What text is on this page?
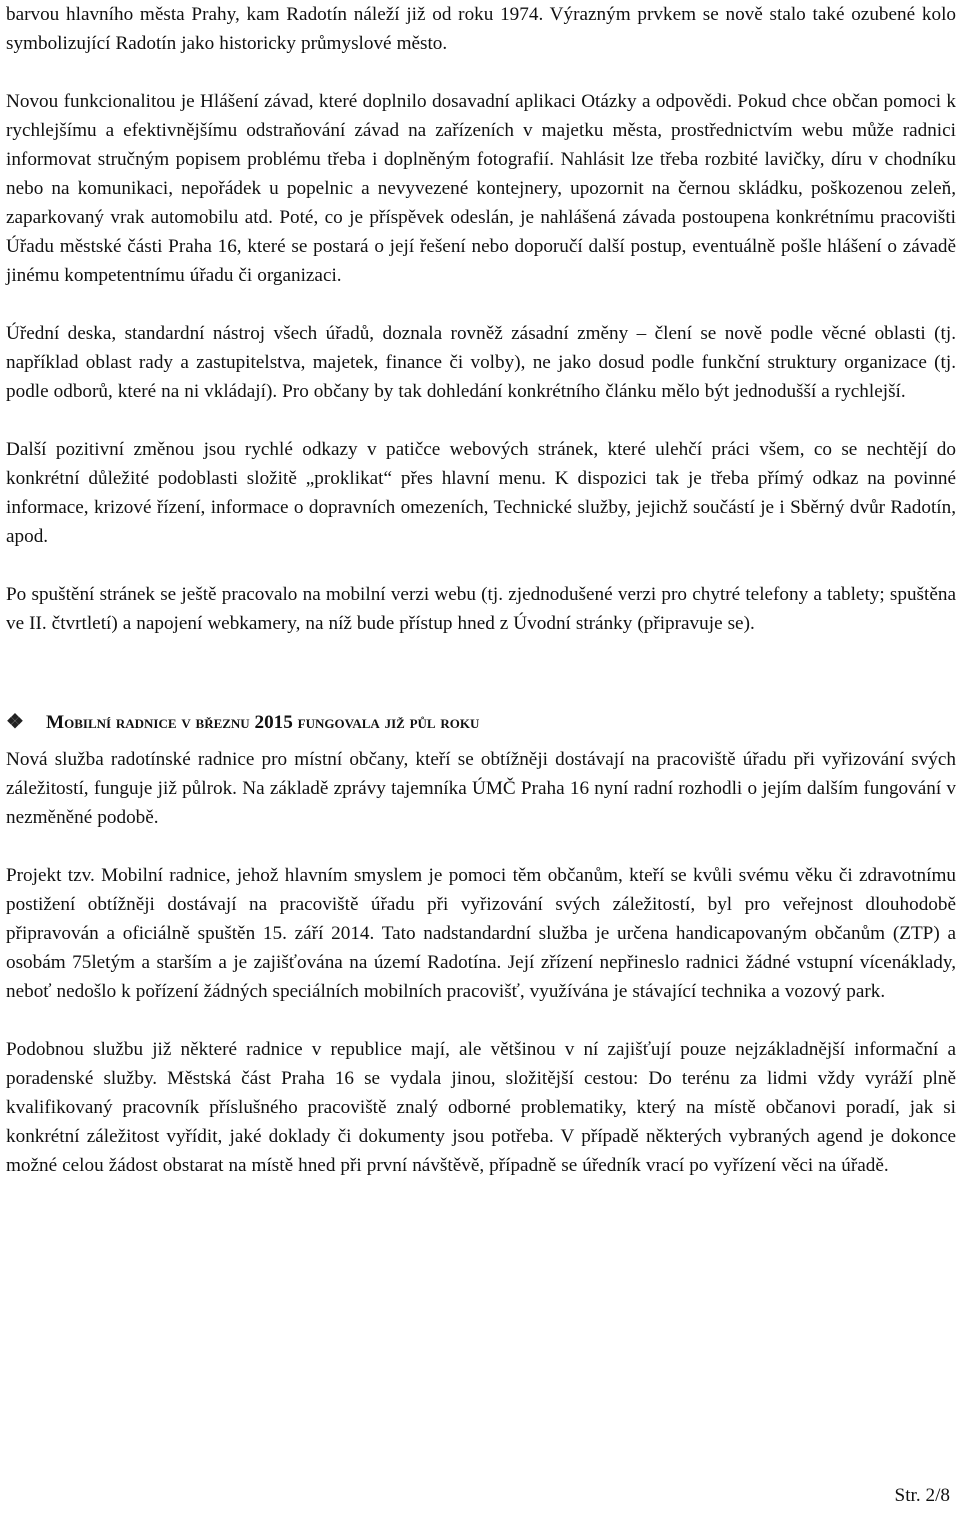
barvou hlavního města Prahy, kam Radotín náleží již od roku 1974. Výrazným prvkem se nově stalo také ozubené kolo symbolizující Radotín jako historicky průmyslové město.

Novou funkcionalitou je Hlášení závad, které doplnilo dosavadní aplikaci Otázky a odpovědi. Pokud chce občan pomoci k rychlejšímu a efektivnějšímu odstraňování závad na zařízeních v majetku města, prostřednictvím webu může radnici informovat stručným popisem problému třeba i doplněným fotografií. Nahlásit lze třeba rozbité lavičky, díru v chodníku nebo na komunikaci, nepořádek u popelnic a nevyvezené kontejnery, upozornit na černou skládku, poškozenou zeleň, zaparkovaný vrak automobilu atd. Poté, co je příspěvek odeslán, je nahlášená závada postoupena konkrétnímu pracovišti Úřadu městské části Praha 16, které se postará o její řešení nebo doporučí další postup, eventuálně pošle hlášení o závadě jinému kompetentnímu úřadu či organizaci.

Úřední deska, standardní nástroj všech úřadů, doznala rovněž zásadní změny – člení se nově podle věcné oblasti (tj. například oblast rady a zastupitelstva, majetek, finance či volby), ne jako dosud podle funkční struktury organizace (tj. podle odborů, které na ni vkládají). Pro občany by tak dohledání konkrétního článku mělo být jednodušší a rychlejší.

Další pozitivní změnou jsou rychlé odkazy v patičce webových stránek, které ulehčí práci všem, co se nechtějí do konkrétní důležité podoblasti složitě „proklikat“ přes hlavní menu. K dispozici tak je třeba přímý odkaz na povinné informace, krizové řízení, informace o dopravních omezeních, Technické služby, jejichž součástí je i Sběrný dvůr Radotín, apod.

Po spuštění stránek se ještě pracovalo na mobilní verzi webu (tj. zjednodušené verzi pro chytré telefony a tablety; spuštěna ve II. čtvrtletí) a napojení webkamery, na níž bude přístup hned z Úvodní stránky (připravuje se).

❖	Mobilní radnice v březnu 2015 fungovala již půl roku

Nová služba radotínské radnice pro místní občany, kteří se obtížněji dostávají na pracoviště úřadu při vyřizování svých záležitostí, funguje již půlrok. Na základě zprávy tajemníka ÚMČ Praha 16 nyní radní rozhodli o jejím dalším fungování v nezměněné podobě.

Projekt tzv. Mobilní radnice, jehož hlavním smyslem je pomoci těm občanům, kteří se kvůli svému věku či zdravotnímu postižení obtížněji dostávají na pracoviště úřadu při vyřizování svých záležitostí, byl pro veřejnost dlouhodobě připravován a oficiálně spuštěn 15. září 2014. Tato nadstandardní služba je určena handicapovaným občanům (ZTP) a osobám 75letým a starším a je zajišťována na území Radotína. Její zřízení nepřineslo radnici žádné vstupní vícenáklady, neboť nedošlo k pořízení žádných speciálních mobilních pracovišť, využívána je stávající technika a vozový park.

Podobnou službu již některé radnice v republice mají, ale většinou v ní zajišťují pouze nejzákladnější informační a poradenské služby. Městská část Praha 16 se vydala jinou, složitější cestou: Do terénu za lidmi vždy vyráží plně kvalifikovaný pracovník příslušného pracoviště znalý odborné problematiky, který na místě občanovi poradí, jak si konkrétní záležitost vyřídit, jaké doklady či dokumenty jsou potřeba. V případě některých vybraných agend je dokonce možné celou žádost obstarat na místě hned při první návštěvě, případně se úředník vrací po vyřízení věci na úřadě.

Str. 2/8
